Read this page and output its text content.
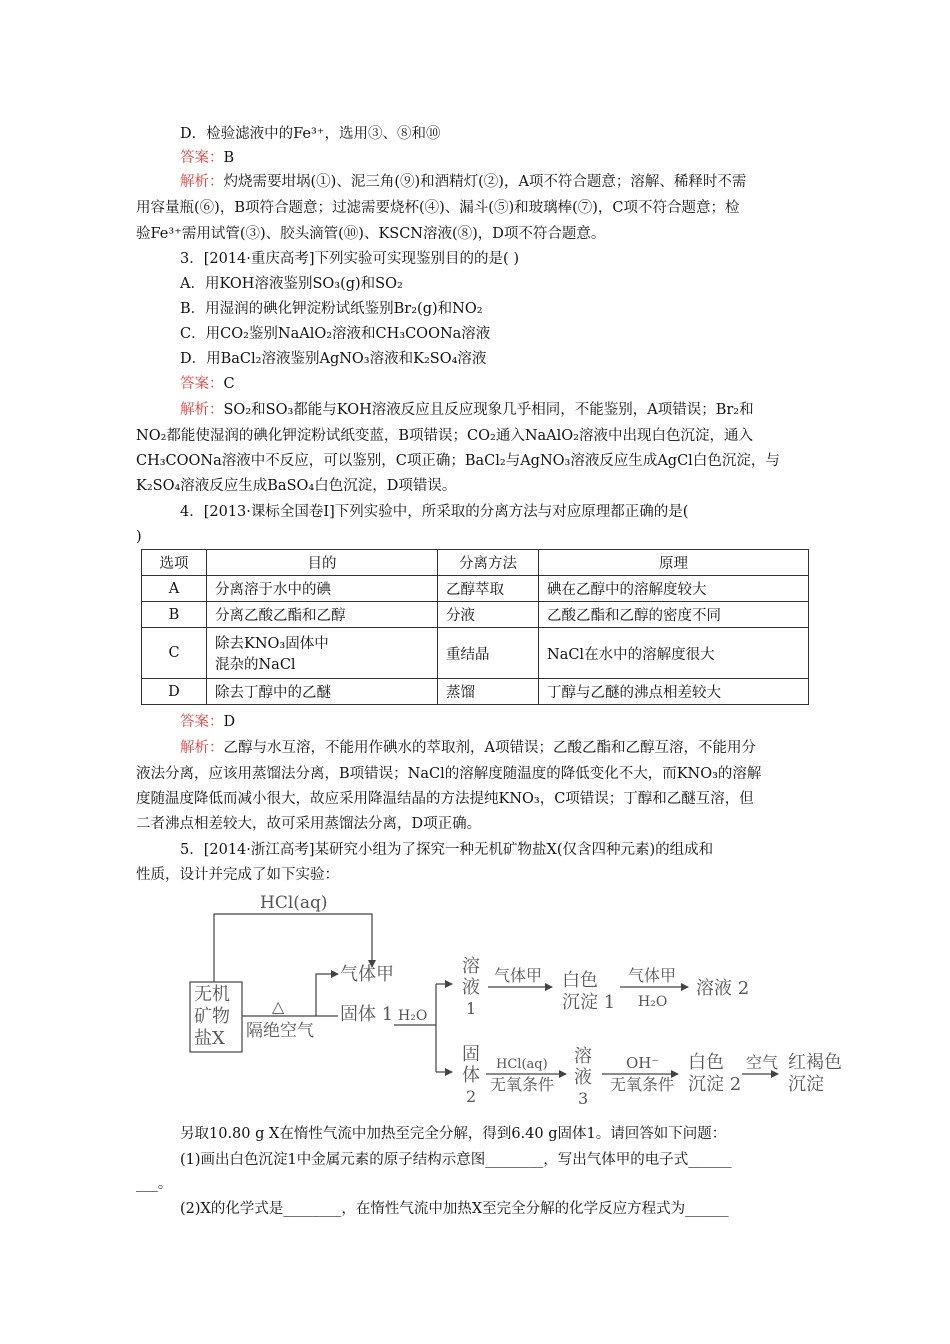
D．检验滤液中的Fe³⁺，选用③、⑧和⑩
答案：B
解析：灼烧需要坩埚(①)、泥三角(⑨)和酒精灯(②)，A项不符合题意；溶解、稀释时不需
用容量瓶(⑥)，B项符合题意；过滤需要烧杯(④)、漏斗(⑤)和玻璃棒(⑦)，C项不符合题意；检
验Fe³⁺需用试管(③)、胶头滴管(⑩)、KSCN溶液(⑧)，D项不符合题意。
3．[2014·重庆高考]下列实验可实现鉴别目的的是( )
A．用KOH溶液鉴别SO₃(g)和SO₂
B．用湿润的碘化钾淀粉试纸鉴别Br₂(g)和NO₂
C．用CO₂鉴别NaAlO₂溶液和CH₃COONa溶液
D．用BaCl₂溶液鉴别AgNO₃溶液和K₂SO₄溶液
答案：C
解析：SO₂和SO₃都能与KOH溶液反应且反应现象几乎相同，不能鉴别，A项错误；Br₂和
NO₂都能使湿润的碘化钾淀粉试纸变蓝，B项错误；CO₂通入NaAlO₂溶液中出现白色沉淀，通入
CH₃COONa溶液中不反应，可以鉴别，C项正确；BaCl₂与AgNO₃溶液反应生成AgCl白色沉淀，与
K₂SO₄溶液反应生成BaSO₄白色沉淀，D项错误。
4．[2013·课标全国卷Ⅰ]下列实验中，所采取的分离方法与对应原理都正确的是(
)
选项	目的	分离方法	原理
A	分离溶于水中的碘	乙醇萃取	碘在乙醇中的溶解度较大
B	分离乙酸乙酯和乙醇	分液	乙酸乙酯和乙醇的密度不同
C	除去KNO₃固体中
混杂的NaCl	重结晶	NaCl在水中的溶解度很大
D	除去丁醇中的乙醚	蒸馏	丁醇与乙醚的沸点相差较大
答案：D
解析：乙醇与水互溶，不能用作碘水的萃取剂，A项错误；乙酸乙酯和乙醇互溶，不能用分
液法分离，应该用蒸馏法分离，B项错误；NaCl的溶解度随温度的降低变化不大，而KNO₃的溶解
度随温度降低而减小很大，故应采用降温结晶的方法提纯KNO₃，C项错误；丁醇和乙醚互溶，但
二者沸点相差较大，故可采用蒸馏法分离，D项正确。
5．[2014·浙江高考]某研究小组为了探究一种无机矿物盐X(仅含四种元素)的组成和
性质，设计并完成了如下实验：
HCl(aq)
无机
矿物
盐X
△
隔绝空气
气体甲
固体 1 H₂O
溶
液
1
气体甲 白色
沉淀 1
气体甲
H₂O
溶液 2
固
体
2
HCl(aq)
无氧条件
溶
液
3
OH⁻
无氧条件
白色
沉淀 2
空气 红褐色
沉淀
另取10.80 g X在惰性气流中加热至完全分解，得到6.40 g固体1。请回答如下问题：
(1)画出白色沉淀1中金属元素的原子结构示意图________，写出气体甲的电子式______
___。
(2)X的化学式是________，在惰性气流中加热X至完全分解的化学反应方程式为______
